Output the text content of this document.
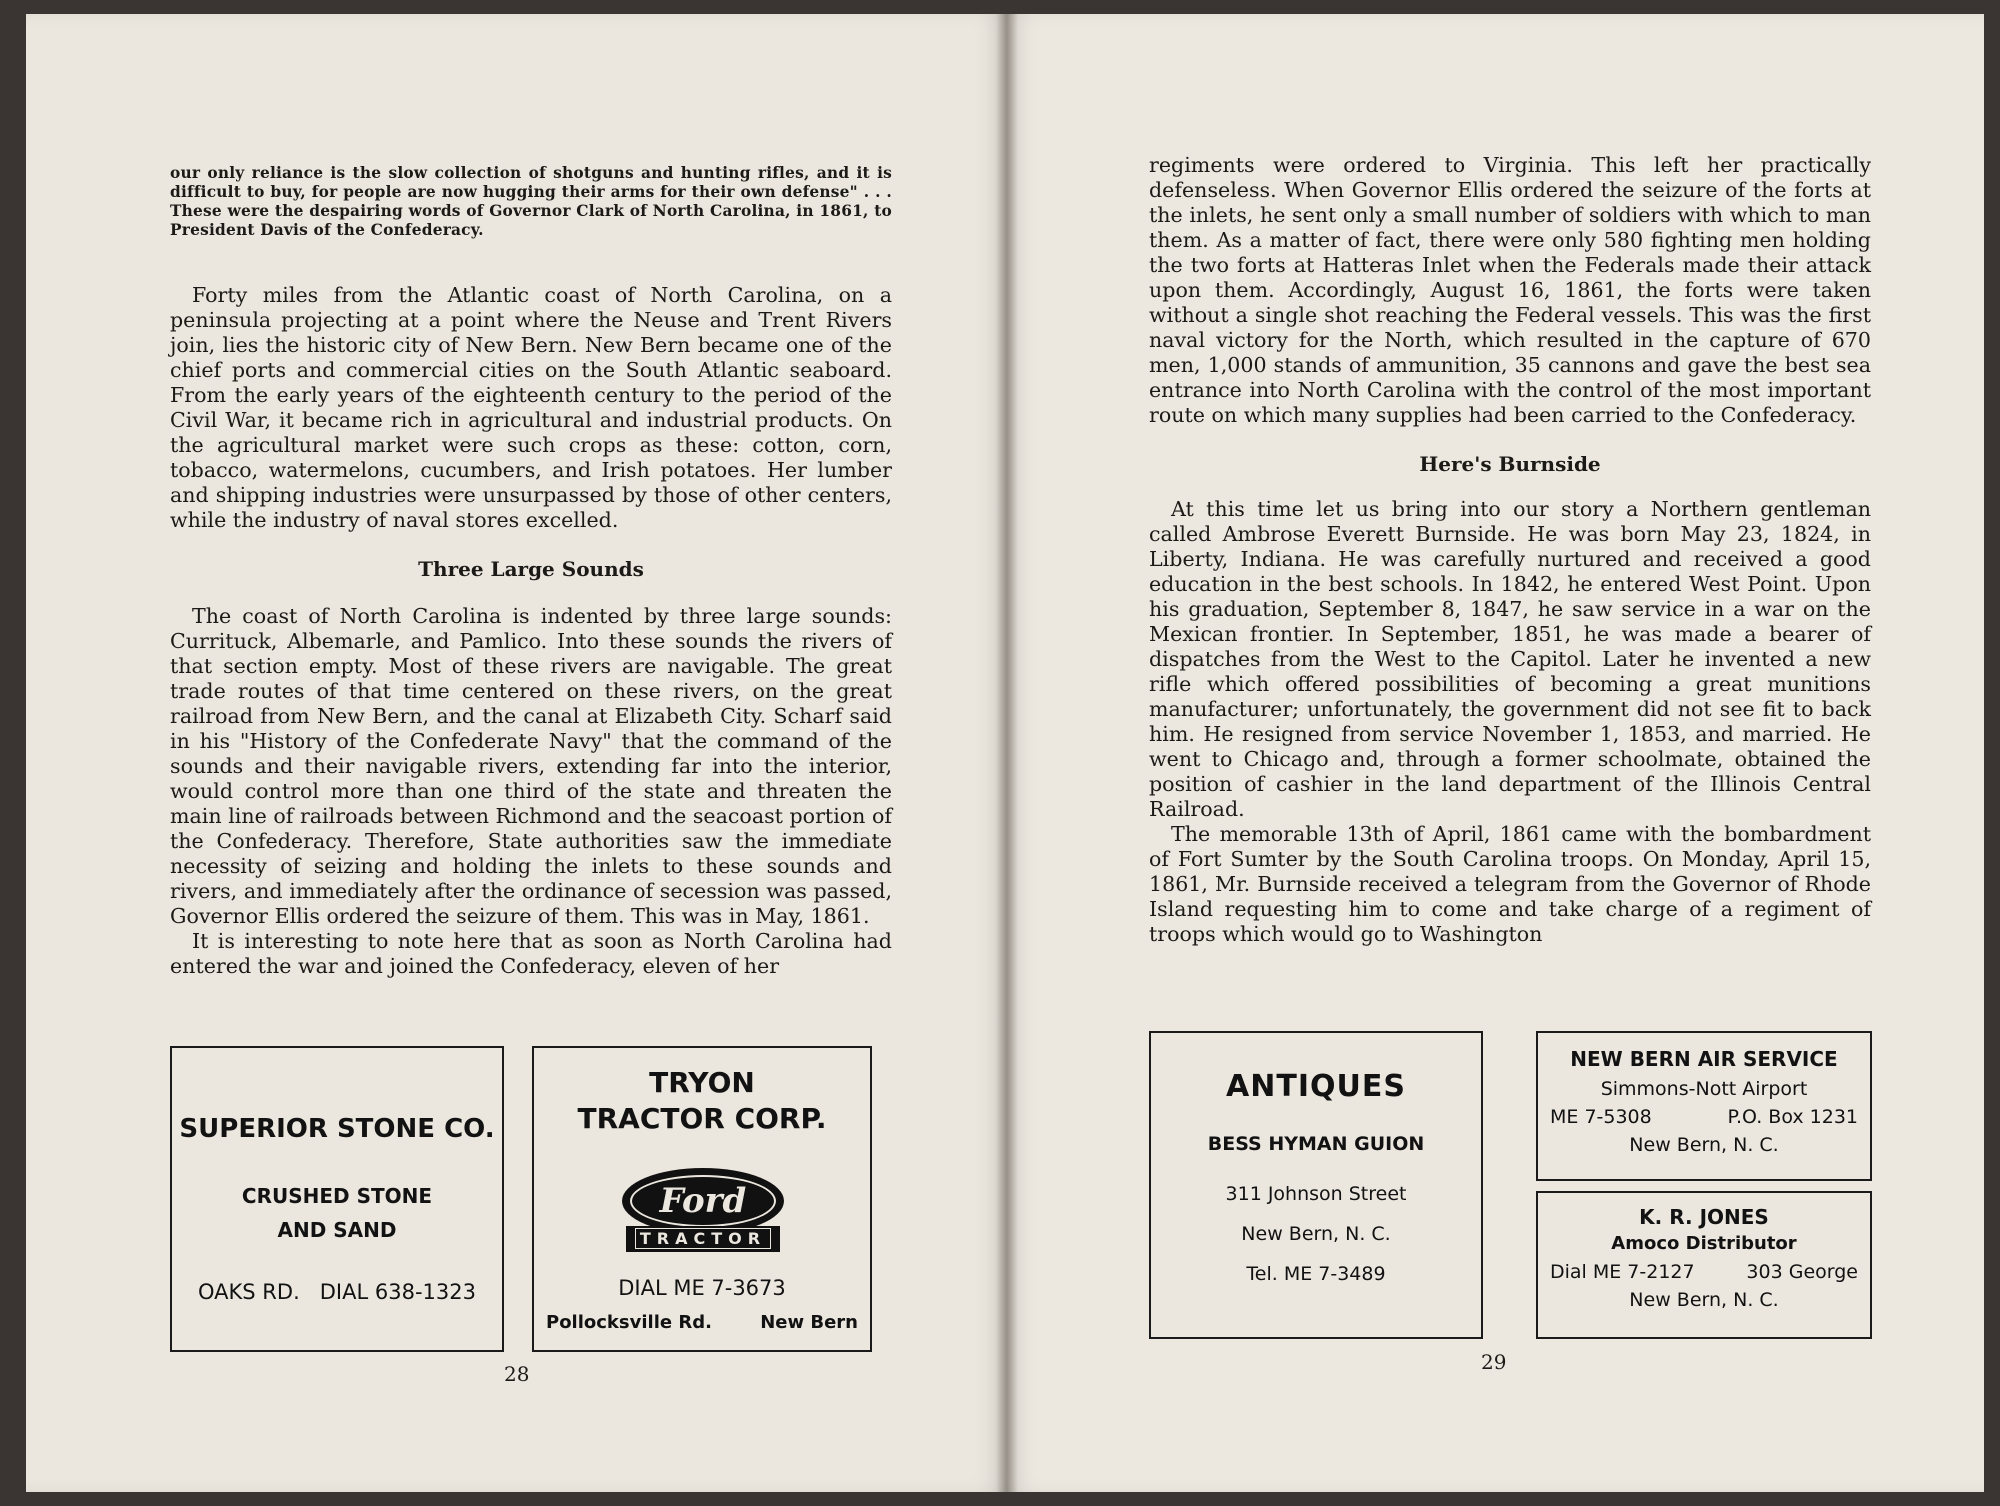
our only reliance is the slow collection of shotguns and hunting rifles, and it is difficult to buy, for people are now hugging their arms for their own defense" . . . These were the despairing words of Governor Clark of North Carolina, in 1861, to President Davis of the Confederacy.

Forty miles from the Atlantic coast of North Carolina, on a peninsula projecting at a point where the Neuse and Trent Rivers join, lies the historic city of New Bern. New Bern became one of the chief ports and commercial cities on the South Atlantic seaboard. From the early years of the eighteenth century to the period of the Civil War, it became rich in agricultural and industrial products. On the agricultural market were such crops as these: cotton, corn, tobacco, watermelons, cucumbers, and Irish potatoes. Her lumber and shipping industries were unsurpassed by those of other centers, while the industry of naval stores excelled.

Three Large Sounds

The coast of North Carolina is indented by three large sounds: Currituck, Albemarle, and Pamlico. Into these sounds the rivers of that section empty. Most of these rivers are navigable. The great trade routes of that time centered on these rivers, on the great railroad from New Bern, and the canal at Elizabeth City. Scharf said in his "History of the Confederate Navy" that the command of the sounds and their navigable rivers, extending far into the interior, would control more than one third of the state and threaten the main line of railroads between Richmond and the seacoast portion of the Confederacy. Therefore, State authorities saw the immediate necessity of seizing and holding the inlets to these sounds and rivers, and immediately after the ordinance of secession was passed, Governor Ellis ordered the seizure of them. This was in May, 1861.

It is interesting to note here that as soon as North Carolina had entered the war and joined the Confederacy, eleven of her

SUPERIOR STONE CO.
CRUSHED STONE
AND SAND
OAKS RD.   DIAL 638-1323
TRYON
TRACTOR CORP.
Ford
TRACTOR
DIAL ME 7-3673
Pollocksville Rd.	New Bern
28

regiments were ordered to Virginia. This left her practically defenseless. When Governor Ellis ordered the seizure of the forts at the inlets, he sent only a small number of soldiers with which to man them. As a matter of fact, there were only 580 fighting men holding the two forts at Hatteras Inlet when the Federals made their attack upon them. Accordingly, August 16, 1861, the forts were taken without a single shot reaching the Federal vessels. This was the first naval victory for the North, which resulted in the capture of 670 men, 1,000 stands of ammunition, 35 cannons and gave the best sea entrance into North Carolina with the control of the most important route on which many supplies had been carried to the Confederacy.

Here's Burnside

At this time let us bring into our story a Northern gentleman called Ambrose Everett Burnside. He was born May 23, 1824, in Liberty, Indiana. He was carefully nurtured and received a good education in the best schools. In 1842, he entered West Point. Upon his graduation, September 8, 1847, he saw service in a war on the Mexican frontier. In September, 1851, he was made a bearer of dispatches from the West to the Capitol. Later he invented a new rifle which offered possibilities of becoming a great munitions manufacturer; unfortunately, the government did not see fit to back him. He resigned from service November 1, 1853, and married. He went to Chicago and, through a former schoolmate, obtained the position of cashier in the land department of the Illinois Central Railroad.

The memorable 13th of April, 1861 came with the bombardment of Fort Sumter by the South Carolina troops. On Monday, April 15, 1861, Mr. Burnside received a telegram from the Governor of Rhode Island requesting him to come and take charge of a regiment of troops which would go to Washington

ANTIQUES
BESS HYMAN GUION
311 Johnson Street
New Bern, N. C.
Tel. ME 7-3489
NEW BERN AIR SERVICE
Simmons-Nott Airport
ME 7-5308	P.O. Box 1231
New Bern, N. C.
K. R. JONES
Amoco Distributor
Dial ME 7-2127	303 George
New Bern, N. C.
29
